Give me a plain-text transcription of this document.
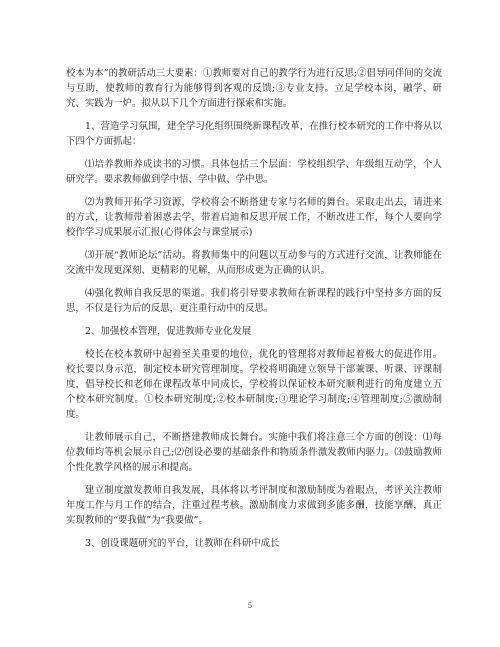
校本为本”的教研活动三大要素：①教师要对自己的教学行为进行反思;②倡导同伴间的交流与互助，使教师的教育行为能够得到客观的反馈;③专业支持。立足学校本岗，融学、研究、实践为一炉。拟从以下几个方面进行探索和实施。

1、营造学习氛围，建全学习化组织围绕新课程改革，在推行校本研究的工作中将从以下四个方面抓起：

⑴培养教师养成读书的习惯。具体包括三个层面：学校组织学、年级组互动学，个人研究学。要求教师做到学中悟、学中做、学中思。

⑵为教师开拓学习资源，学校将会不断搭建专家与名师的舞台。采取走出去，请进来的方式，让教师带着困惑去学，带着启迪和反思开展工作，不断改进工作，每个人要向学校作学习成果展示汇报(心得体会与课堂展示)

⑶开展“教师论坛”活动。将教师集中的问题以互动参与的方式进行交流，让教师能在交流中发现更深刻、更精彩的见解，从而形成更为正确的认识。

⑷强化教师自我反思的渠道。我们将引导要求教师在新课程的践行中坚持多方面的反思，不仅是行为后的反思，更注重行动中的反思。

2、加强校本管理，促进教师专业化发展

校长在校本教研中起着至关重要的地位，优化的管理将对教师起着极大的促进作用。 校长要以身示范，制定校本研究管理制度。学校将明确建立领导干部兼课、听课、评课制度，倡导校长和老师在课程改革中同成长，学校将以保证校本研究顺利进行的角度建立五个校本研究制度。①校本研究制度;②校本研制度;③理论学习制度;④管理制度;⑤激励制度。

让教师展示自己，不断搭建教师成长舞台。实施中我们将注意三个方面的创设：⑴每位教师均等机会展示自己;⑵创设必要的基础条件和物质条件激发教师内驱力。⑶鼓励教师个性化教学风格的展示和提高。

建立制度激发教师自我发展，具体将以考评制度和激励制度为着眼点，考评关注教师年度工作与月工作的结合，注重过程考核。激励制度力求做到多能多酬，技能享酬，真正实现教师的“要我做”为“我要做”。

3、创设课题研究的平台，让教师在科研中成长

5
